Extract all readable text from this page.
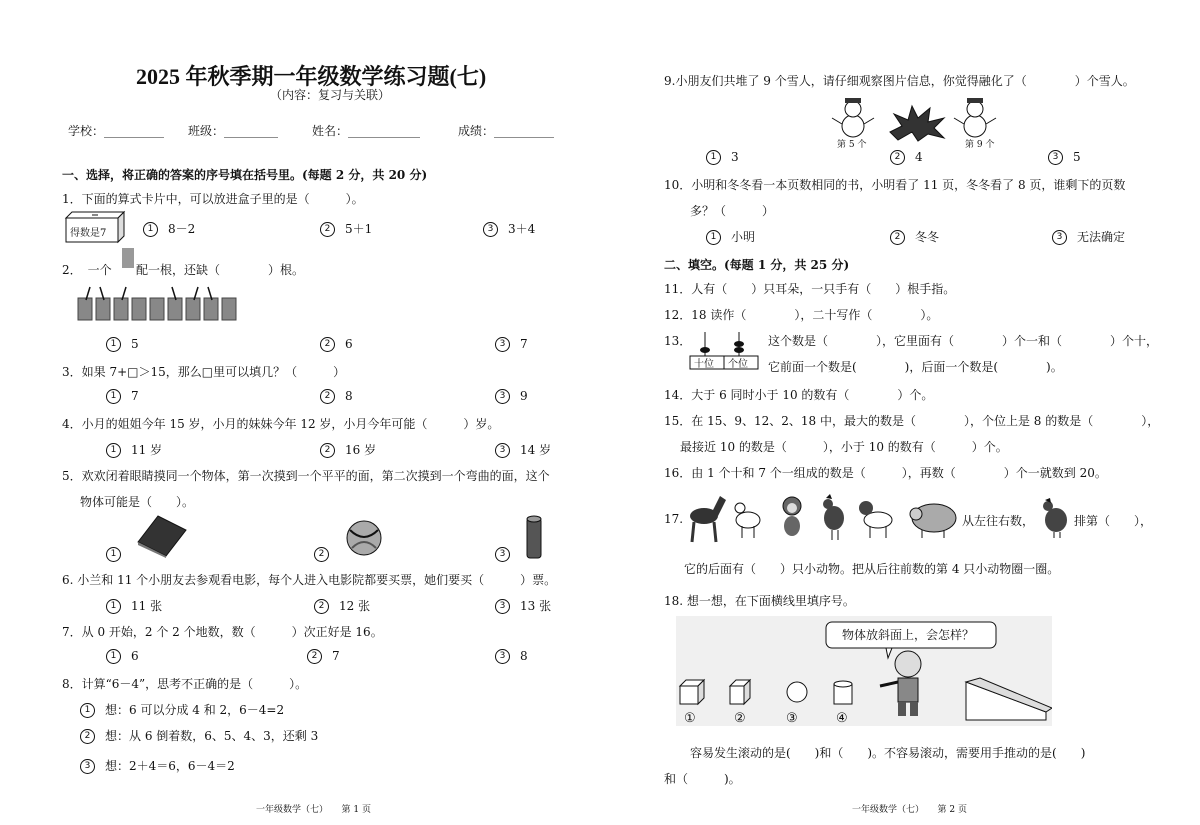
2025 年秋季期一年级数学练习题(七)
（内容：复习与关联）
学校：__________ 班级：_________	姓名：____________	成绩：__________
一、选择，将正确的答案的序号填在括号里。(每题 2 分，共 20 分)
1．下面的算式卡片中，可以放进盒子里的是（　　　）。
得数是7	1 8－2	2 5＋1	3 3＋4
2．　一个 配一根，还缺（　　　　）根。
1 5	2 6	3 7
3．如果 7+□＞15，那么□里可以填几？（　　　）
1 7	2 8	3 9
4．小月的姐姐今年 15 岁，小月的妹妹今年 12 岁，小月今年可能（　　　）岁。
1 11 岁	2 16 岁	3 14 岁
5．欢欢闭着眼睛摸同一个物体，第一次摸到一个平平的面，第二次摸到一个弯曲的面，这个
物体可能是（　　）。
1	2	3
6. 小兰和 11 个小朋友去参观看电影，每个人进入电影院都要买票，她们要买（　　　）票。
1 11 张	2 12 张	3 13 张
7．从 0 开始，2 个 2 个地数，数（　　　）次正好是 16。
1 6	2 7	3 8
8．计算“6－4”，思考不正确的是（　　　）。
1 想：6 可以分成 4 和 2，6－4=2
2 想：从 6 倒着数，6、5、4、3，还剩 3
3 想：2＋4＝6，6－4＝2
一年级数学（七）　　第 1 页
9.小朋友们共堆了 9 个雪人，请仔细观察图片信息，你觉得融化了（　　　　）个雪人。
第 5 个	第 9 个
1 3	2 4	3 5
10．小明和冬冬看一本页数相同的书，小明看了 11 页，冬冬看了 8 页，谁剩下的页数
多？（　　　）
1 小明	2 冬冬	3 无法确定
二、填空。(每题 1 分，共 25 分)
11．人有（　　）只耳朵，一只手有（　　）根手指。
12．18 读作（　　　　），二十写作（　　　　）。
13．
十位 个位
这个数是（　　　　），它里面有（　　　　）个一和（　　　　）个十，
它前面一个数是(　　　　)，后面一个数是(　　　　)。
14．大于 6 同时小于 10 的数有（　　　　）个。
15．在 15、9、12、2、18 中，最大的数是（　　　　），个位上是 8 的数是（　　　　），
最接近 10 的数是（　　　），小于 10 的数有（　　　）个。
16．由 1 个十和 7 个一组成的数是（　　　），再数（　　　　）个一就数到 20。
17.	从左往右数，	排第（　　），
它的后面有（　　）只小动物。把从后往前数的第 4 只小动物圈一圈。
18. 想一想，在下面横线里填序号。
物体放斜面上，会怎样？
①	②	③	④
容易发生滚动的是(　　)和（　　)。不容易滚动，需要用手推动的是(　　)
和（　　　)。
一年级数学（七）　　第 2 页
